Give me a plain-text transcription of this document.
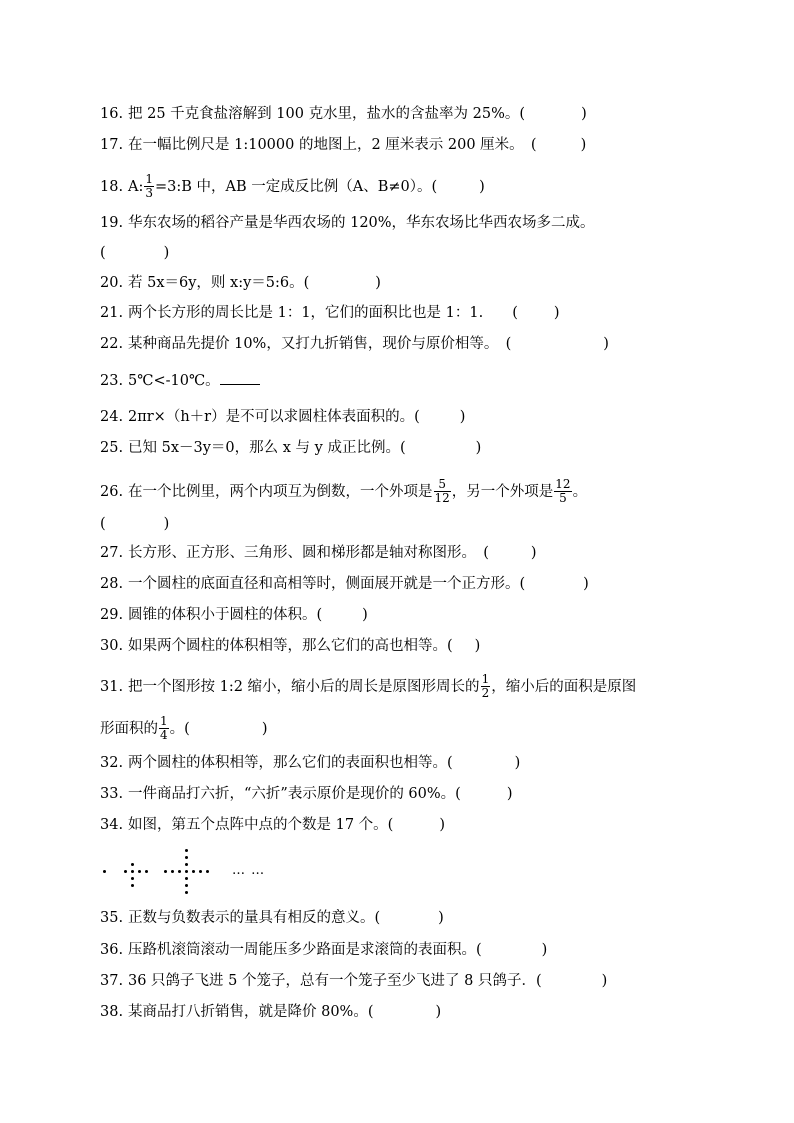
16. 把 25 千克食盐溶解到 100 克水里，盐水的含盐率为 25%。(	)
17. 在一幅比例尺是 1:10000 的地图上，2 厘米表示 200 厘米。　(	)
18. A: $\frac{1}{3}$ =3:B 中，AB 一定成反比例（A、B≠0）。(	)
19. 华东农场的稻谷产量是华西农场的 120%，华东农场比华西农场多二成。
(　　　　)
20. 若 5x＝6y，则 x:y＝5:6。(	)
21. 两个长方形的周长比是 1：1，它们的面积比也是 1：1.　　( )
22. 某种商品先提价 10%，又打九折销售，现价与原价相等。　(	)
23. 5℃<-10℃。
24. 2πr×（h＋r）是不可以求圆柱体表面积的。(	)
25. 已知 5x－3y＝0，那么 x 与 y 成正比例。(	)
26. 在一个比例里，两个内项互为倒数，一个外项是 $\frac{5}{12}$ ，另一个外项是 $\frac{12}{5}$ 。
(　　　　)
27. 长方形、正方形、三角形、圆和梯形都是轴对称图形。　(	)
28. 一个圆柱的底面直径和高相等时，侧面展开就是一个正方形。(	)
29. 圆锥的体积小于圆柱的体积。(	)
30. 如果两个圆柱的体积相等，那么它们的高也相等。( )
31. 把一个图形按 1:2 缩小，缩小后的周长是原图形周长的 $\frac{1}{2}$ ，缩小后的面积是原图
形面积的 $\frac{1}{4}$ 。(	)
32. 两个圆柱的体积相等，那么它们的表面积也相等。(	)
33. 一件商品打六折，“六折”表示原价是现价的 60%。(	)
34. 如图，第五个点阵中点的个数是 17 个。(	)
… …
35. 正数与负数表示的量具有相反的意义。(	)
36. 压路机滚筒滚动一周能压多少路面是求滚筒的表面积。(	)
37. 36 只鸽子飞进 5 个笼子，总有一个笼子至少飞进了 8 只鸽子．(	)
38. 某商品打八折销售，就是降价 80%。(	)
